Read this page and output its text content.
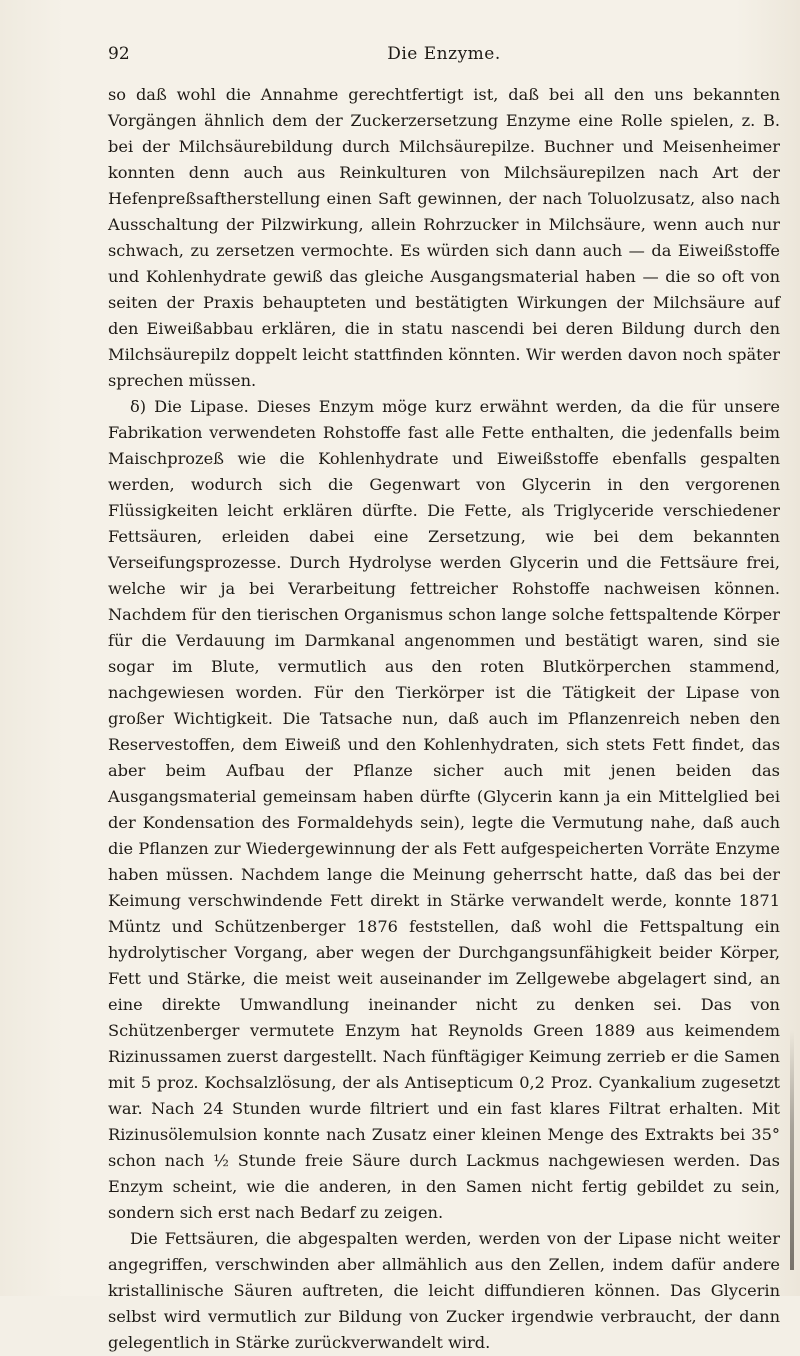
92	Die Enzyme.

so daß wohl die Annahme gerechtfertigt ist, daß bei all den uns bekannten Vorgängen ähnlich dem der Zuckerzersetzung Enzyme eine Rolle spielen, z. B. bei der Milchsäurebildung durch Milchsäurepilze. Buchner und Meisenheimer konnten denn auch aus Reinkulturen von Milchsäurepilzen nach Art der Hefenpreßsaftherstellung einen Saft gewinnen, der nach Toluolzusatz, also nach Ausschaltung der Pilzwirkung, allein Rohrzucker in Milchsäure, wenn auch nur schwach, zu zersetzen vermochte. Es würden sich dann auch — da Eiweißstoffe und Kohlenhydrate gewiß das gleiche Ausgangsmaterial haben — die so oft von seiten der Praxis behaupteten und bestätigten Wirkungen der Milchsäure auf den Eiweißabbau erklären, die in statu nascendi bei deren Bildung durch den Milchsäurepilz doppelt leicht stattfinden könnten. Wir werden davon noch später sprechen müssen.

δ) Die Lipase. Dieses Enzym möge kurz erwähnt werden, da die für unsere Fabrikation verwendeten Rohstoffe fast alle Fette enthalten, die jedenfalls beim Maischprozeß wie die Kohlenhydrate und Eiweißstoffe ebenfalls gespalten werden, wodurch sich die Gegenwart von Glycerin in den vergorenen Flüssigkeiten leicht erklären dürfte. Die Fette, als Triglyceride verschiedener Fettsäuren, erleiden dabei eine Zersetzung, wie bei dem bekannten Verseifungsprozesse. Durch Hydrolyse werden Glycerin und die Fettsäure frei, welche wir ja bei Verarbeitung fettreicher Rohstoffe nachweisen können. Nachdem für den tierischen Organismus schon lange solche fettspaltende Körper für die Verdauung im Darmkanal angenommen und bestätigt waren, sind sie sogar im Blute, vermutlich aus den roten Blutkörperchen stammend, nachgewiesen worden. Für den Tierkörper ist die Tätigkeit der Lipase von großer Wichtigkeit. Die Tatsache nun, daß auch im Pflanzenreich neben den Reservestoffen, dem Eiweiß und den Kohlenhydraten, sich stets Fett findet, das aber beim Aufbau der Pflanze sicher auch mit jenen beiden das Ausgangsmaterial gemeinsam haben dürfte (Glycerin kann ja ein Mittelglied bei der Kondensation des Formaldehyds sein), legte die Vermutung nahe, daß auch die Pflanzen zur Wiedergewinnung der als Fett aufgespeicherten Vorräte Enzyme haben müssen. Nachdem lange die Meinung geherrscht hatte, daß das bei der Keimung verschwindende Fett direkt in Stärke verwandelt werde, konnte 1871 Müntz und Schützenberger 1876 feststellen, daß wohl die Fettspaltung ein hydrolytischer Vorgang, aber wegen der Durchgangsunfähigkeit beider Körper, Fett und Stärke, die meist weit auseinander im Zellgewebe abgelagert sind, an eine direkte Umwandlung ineinander nicht zu denken sei. Das von Schützenberger vermutete Enzym hat Reynolds Green 1889 aus keimendem Rizinussamen zuerst dargestellt. Nach fünftägiger Keimung zerrieb er die Samen mit 5 proz. Kochsalzlösung, der als Antisepticum 0,2 Proz. Cyankalium zugesetzt war. Nach 24 Stunden wurde filtriert und ein fast klares Filtrat erhalten. Mit Rizinusölemulsion konnte nach Zusatz einer kleinen Menge des Extrakts bei 35° schon nach ½ Stunde freie Säure durch Lackmus nachgewiesen werden. Das Enzym scheint, wie die anderen, in den Samen nicht fertig gebildet zu sein, sondern sich erst nach Bedarf zu zeigen.

Die Fettsäuren, die abgespalten werden, werden von der Lipase nicht weiter angegriffen, verschwinden aber allmählich aus den Zellen, indem dafür andere kristallinische Säuren auftreten, die leicht diffundieren können. Das Glycerin selbst wird vermutlich zur Bildung von Zucker irgendwie verbraucht, der dann gelegentlich in Stärke zurückverwandelt wird.
